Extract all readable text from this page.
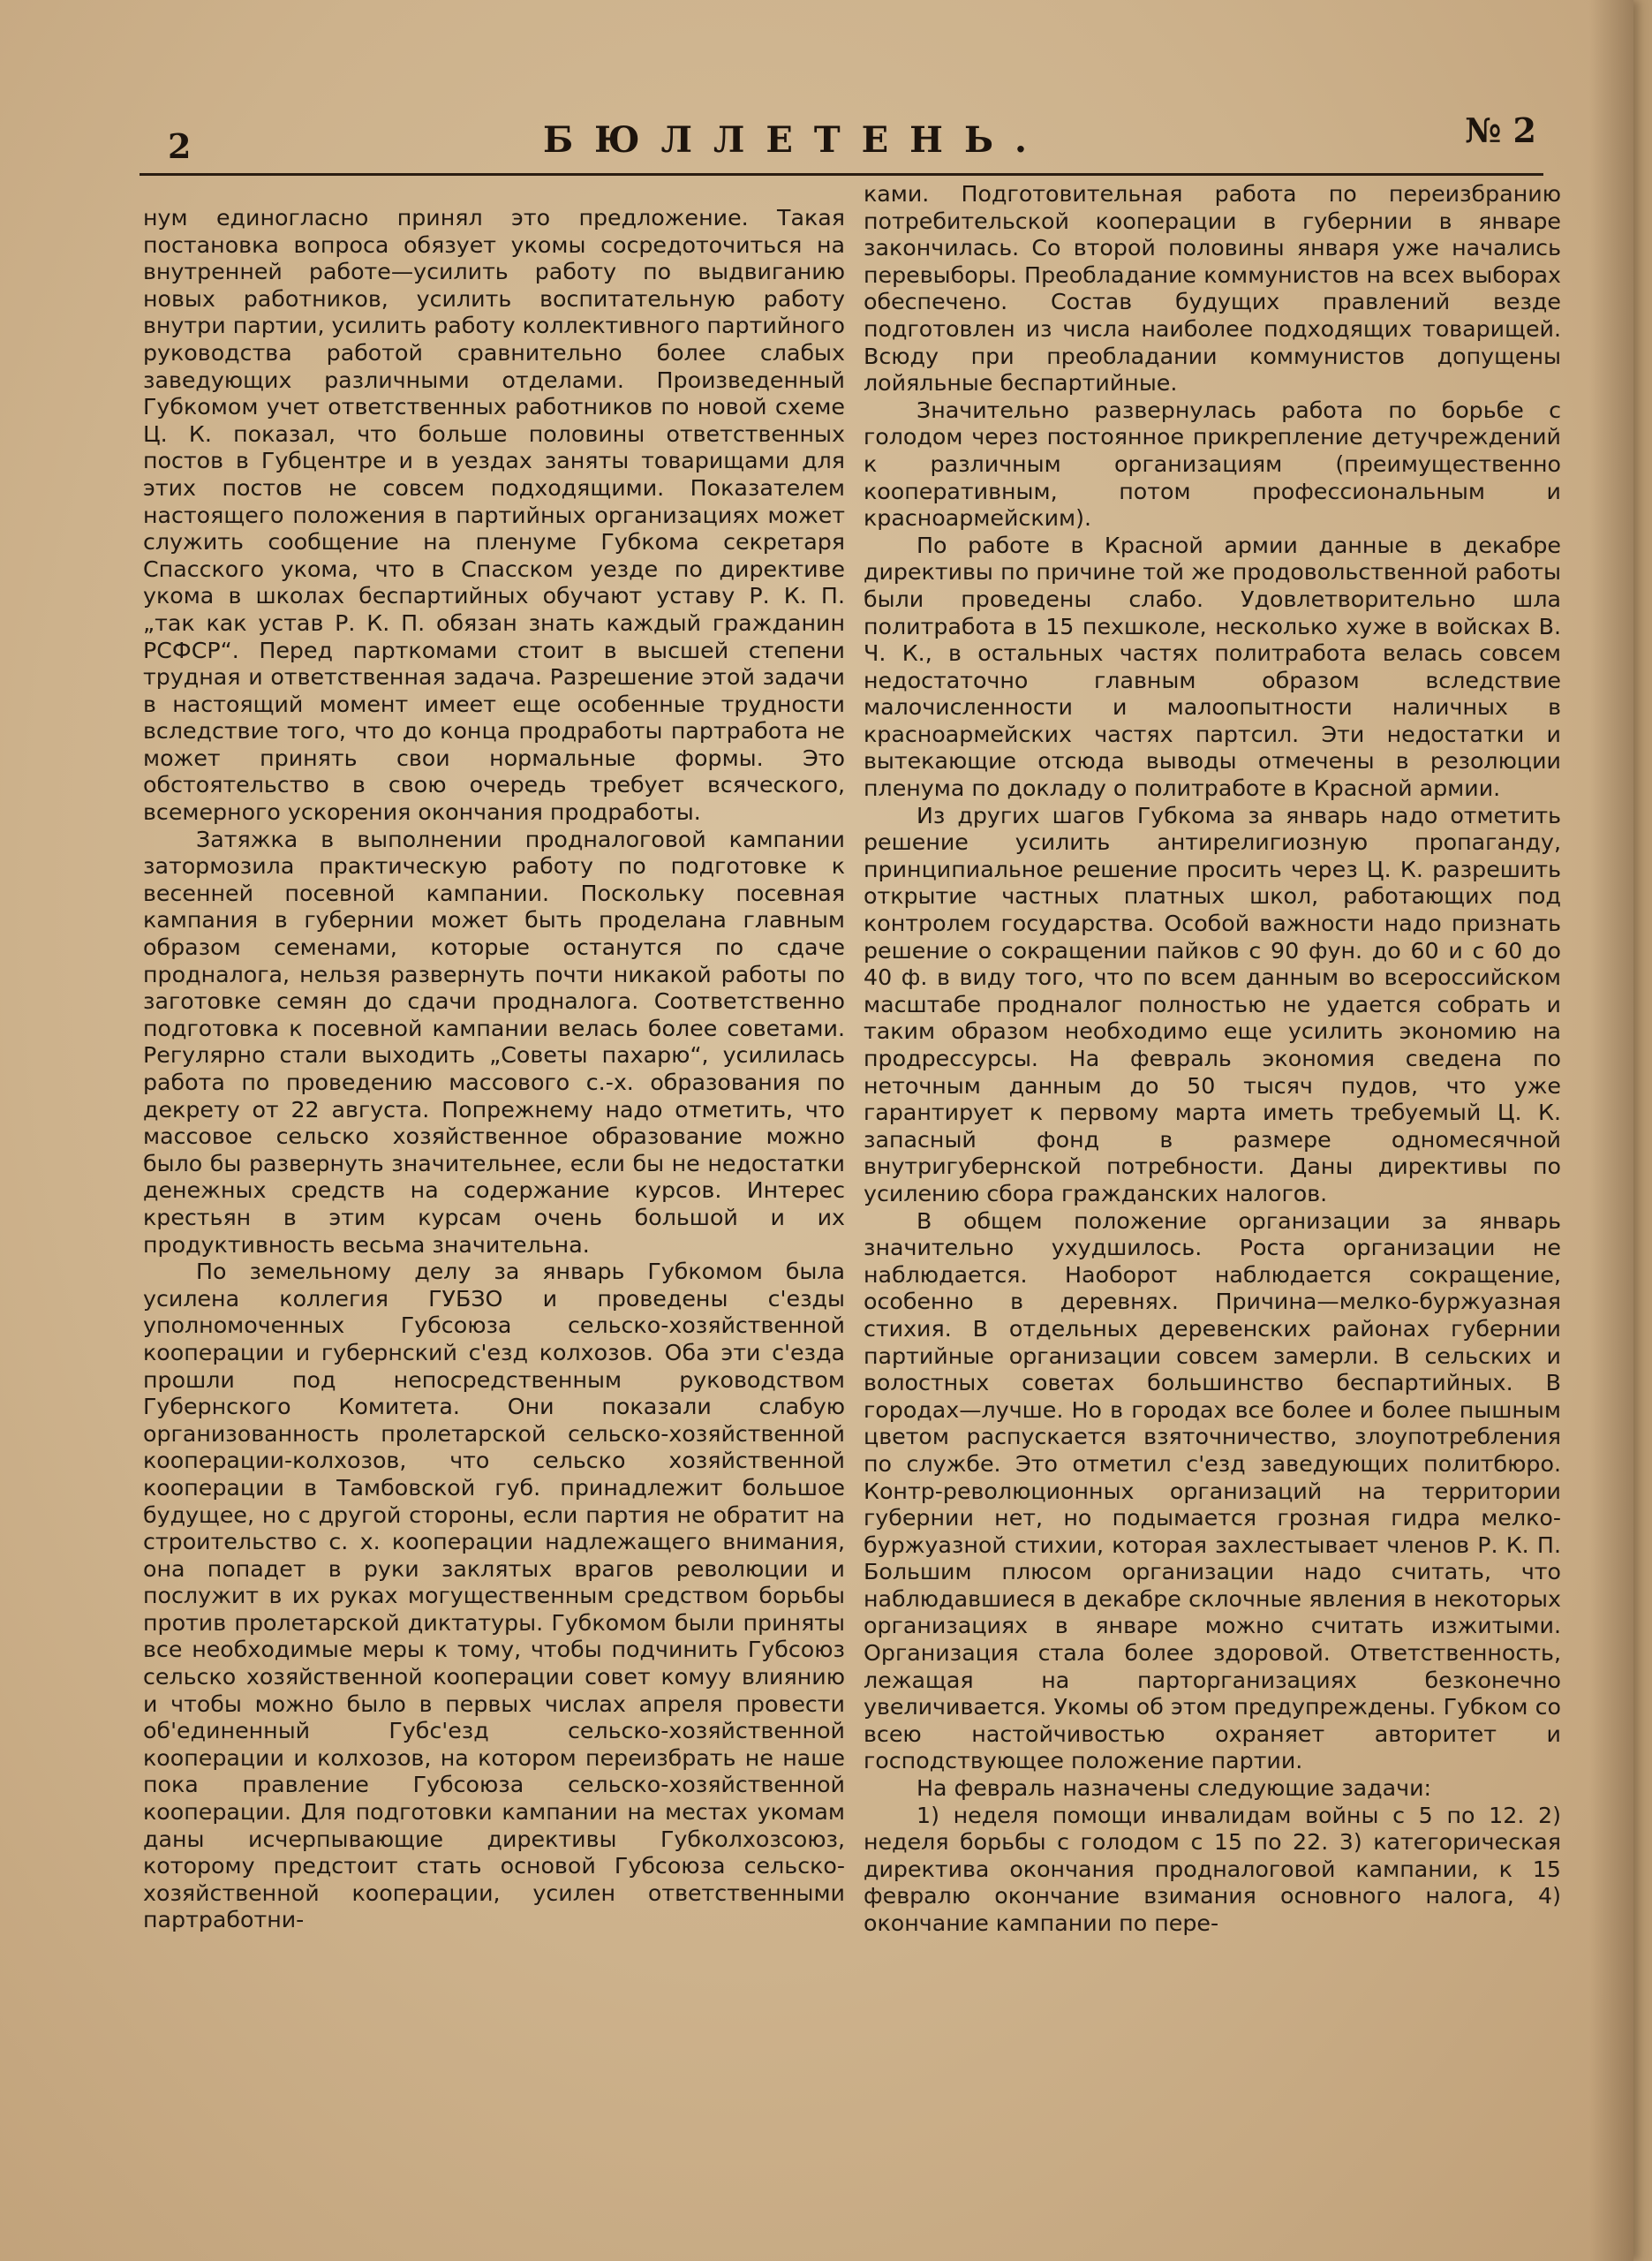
2	БЮЛЛЕТЕНЬ.	№ 2

нум единогласно принял это предложение. Такая постановка вопроса обязует укомы сосредоточиться на внутренней работе—усилить работу по выдвиганию новых работников, усилить воспитательную работу внутри партии, усилить работу коллективного партийного руководства работой сравнительно более слабых заведующих различными отделами. Произведенный Губкомом учет ответственных работников по новой схеме Ц. К. показал, что больше половины ответственных постов в Губцентре и в уездах заняты товарищами для этих постов не совсем подходящими. Показателем настоящего положения в партийных организациях может служить сообщение на пленуме Губкома секретаря Спасского укома, что в Спасском уезде по директиве укома в школах беспартийных обучают уставу Р. К. П. „так как устав Р. К. П. обязан знать каждый гражданин РСФСР“. Перед парткомами стоит в высшей степени трудная и ответственная задача. Разрешение этой задачи в настоящий момент имеет еще особенные трудности вследствие того, что до конца продработы партработа не может принять свои нормальные формы. Это обстоятельство в свою очередь требует всяческого, всемерного ускорения окончания продработы.

Затяжка в выполнении продналоговой кампании затормозила практическую работу по подготовке к весенней посевной кампании. Поскольку посевная кампания в губернии может быть проделана главным образом семенами, которые останутся по сдаче продналога, нельзя развернуть почти никакой работы по заготовке семян до сдачи продналога. Соответственно подготовка к посевной кампании велась более советами. Регулярно стали выходить „Советы пахарю“, усилилась работа по проведению массового с.-х. образования по декрету от 22 августа. Попрежнему надо отметить, что массовое сельско хозяйственное образование можно было бы развернуть значительнее, если бы не недостатки денежных средств на содержание курсов. Интерес крестьян в этим курсам очень большой и их продуктивность весьма значительна.

По земельному делу за январь Губкомом была усилена коллегия ГУБЗО и проведены с'езды уполномоченных Губсоюза сельско-хозяйственной кооперации и губернский с'езд колхозов. Оба эти с'езда прошли под непосредственным руководством Губернского Комитета. Они показали слабую организованность пролетарской сельско-хозяйственной кооперации-колхозов, что сельско хозяйственной кооперации в Тамбовской губ. принадлежит большое будущее, но с другой стороны, если партия не обратит на строительство с. х. кооперации надлежащего внимания, она попадет в руки заклятых врагов революции и послужит в их руках могущественным средством борьбы против пролетарской диктатуры. Губкомом были приняты все необходимые меры к тому, чтобы подчинить Губсоюз сельско хозяйственной кооперации совет комуу влиянию и чтобы можно было в первых числах апреля провести об'единенный Губс'езд сельско-хозяйственной кооперации и колхозов, на котором переизбрать не наше пока правление Губсоюза сельско-хозяйственной кооперации. Для подготовки кампании на местах укомам даны исчерпывающие директивы Губколхозсоюз, которому предстоит стать основой Губсоюза сельско-хозяйственной кооперации, усилен ответственными партработни-

ками. Подготовительная работа по переизбранию потребительской кооперации в губернии в январе закончилась. Со второй половины января уже начались перевыборы. Преобладание коммунистов на всех выборах обеспечено. Состав будущих правлений везде подготовлен из числа наиболее подходящих товарищей. Всюду при преобладании коммунистов допущены лойяльные беспартийные.

Значительно развернулась работа по борьбе с голодом через постоянное прикрепление детучреждений к различным организациям (преимущественно кооперативным, потом профессиональным и красноармейским).

По работе в Красной армии данные в декабре директивы по причине той же продовольственной работы были проведены слабо. Удовлетворительно шла политработа в 15 пехшколе, несколько хуже в войсках В. Ч. К., в остальных частях политработа велась совсем недостаточно главным образом вследствие малочисленности и малоопытности наличных в красноармейских частях партсил. Эти недостатки и вытекающие отсюда выводы отмечены в резолюции пленума по докладу о политработе в Красной армии.

Из других шагов Губкома за январь надо отметить решение усилить антирелигиозную пропаганду, принципиальное решение просить через Ц. К. разрешить открытие частных платных школ, работающих под контролем государства. Особой важности надо признать решение о сокращении пайков с 90 фун. до 60 и с 60 до 40 ф. в виду того, что по всем данным во всероссийском масштабе продналог полностью не удается собрать и таким образом необходимо еще усилить экономию на продрессурсы. На февраль экономия сведена по неточным данным до 50 тысяч пудов, что уже гарантирует к первому марта иметь требуемый Ц. К. запасный фонд в размере одномесячной внутригубернской потребности. Даны директивы по усилению сбора гражданских налогов.

В общем положение организации за январь значительно ухудшилось. Роста организации не наблюдается. Наоборот наблюдается сокращение, особенно в деревнях. Причина—мелко-буржуазная стихия. В отдельных деревенских районах губернии партийные организации совсем замерли. В сельских и волостных советах большинство беспартийных. В городах—лучше. Но в городах все более и более пышным цветом распускается взяточничество, злоупотребления по службе. Это отметил с'езд заведующих политбюро. Контр-революционных организаций на территории губернии нет, но подымается грозная гидра мелко-буржуазной стихии, которая захлестывает членов Р. К. П. Большим плюсом организации надо считать, что наблюдавшиеся в декабре склочные явления в некоторых организациях в январе можно считать изжитыми. Организация стала более здоровой. Ответственность, лежащая на парторганизациях безконечно увеличивается. Укомы об этом предупреждены. Губком со всею настойчивостью охраняет авторитет и господствующее положение партии.

На февраль назначены следующие задачи:

1) неделя помощи инвалидам войны с 5 по 12. 2) неделя борьбы с голодом с 15 по 22. 3) категорическая директива окончания продналоговой кампании, к 15 февралю окончание взимания основного налога, 4) окончание кампании по пере-
